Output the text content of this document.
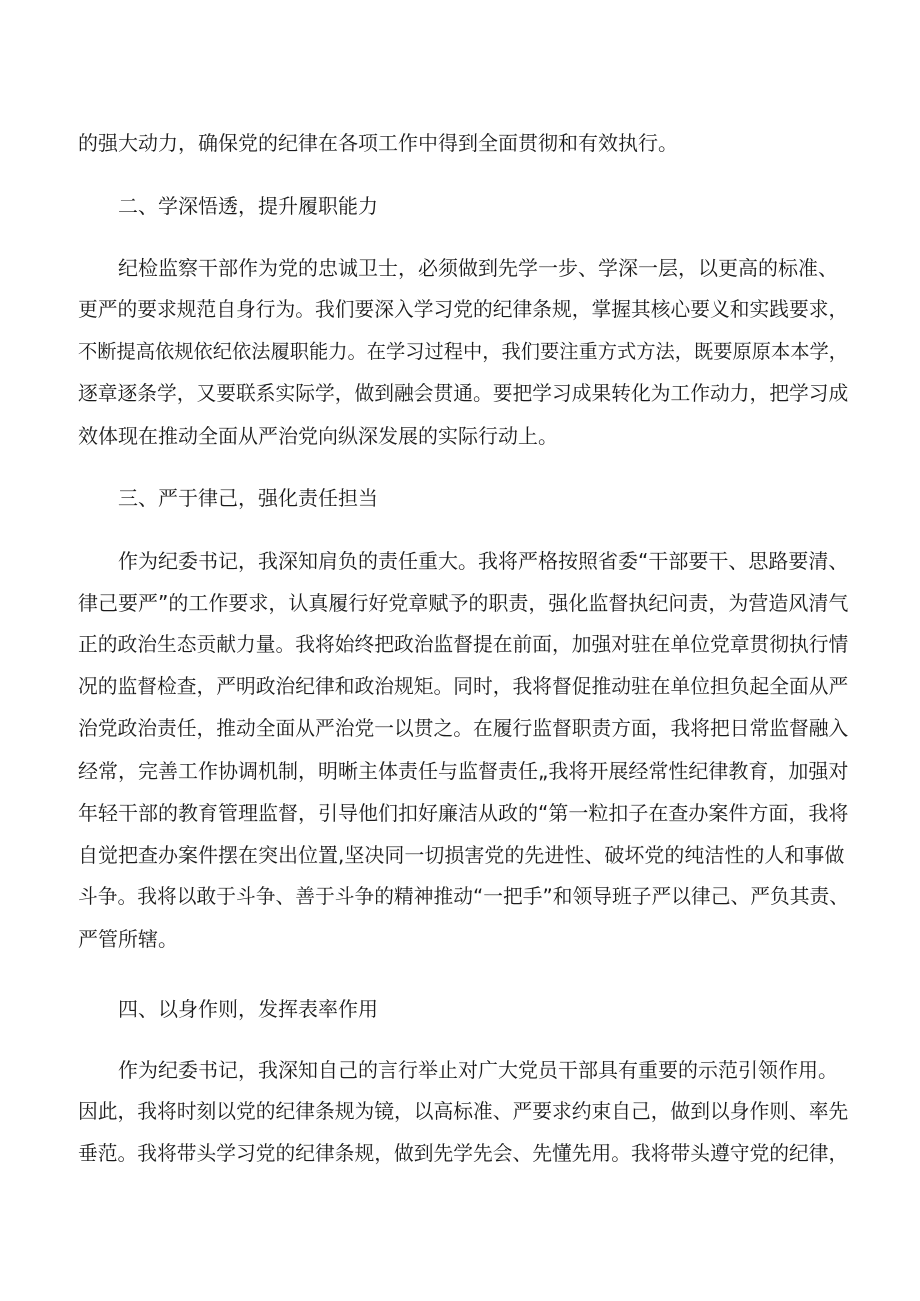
的强大动力，确保党的纪律在各项工作中得到全面贯彻和有效执行。
二、学深悟透，提升履职能力
纪检监察干部作为党的忠诚卫士，必须做到先学一步、学深一层，以更高的标准、
更严的要求规范自身行为。我们要深入学习党的纪律条规，掌握其核心要义和实践要求，
不断提高依规依纪依法履职能力。在学习过程中，我们要注重方式方法，既要原原本本学，
逐章逐条学，又要联系实际学，做到融会贯通。要把学习成果转化为工作动力，把学习成
效体现在推动全面从严治党向纵深发展的实际行动上。
三、严于律己，强化责任担当
作为纪委书记，我深知肩负的责任重大。我将严格按照省委“干部要干、思路要清、
律己要严”的工作要求，认真履行好党章赋予的职责，强化监督执纪问责，为营造风清气
正的政治生态贡献力量。我将始终把政治监督提在前面，加强对驻在单位党章贯彻执行情
况的监督检查，严明政治纪律和政治规矩。同时，我将督促推动驻在单位担负起全面从严
治党政治责任，推动全面从严治党一以贯之。在履行监督职责方面，我将把日常监督融入
经常，完善工作协调机制，明晰主体责任与监督责任„我将开展经常性纪律教育，加强对
年轻干部的教育管理监督，引导他们扣好廉洁从政的“第一粒扣子在查办案件方面，我将
自觉把查办案件摆在突出位置,坚决同一切损害党的先进性、破坏党的纯洁性的人和事做
斗争。我将以敢于斗争、善于斗争的精神推动“一把手”和领导班子严以律己、严负其责、
严管所辖。
四、以身作则，发挥表率作用
作为纪委书记，我深知自己的言行举止对广大党员干部具有重要的示范引领作用。
因此，我将时刻以党的纪律条规为镜，以高标准、严要求约束自己，做到以身作则、率先
垂范。我将带头学习党的纪律条规，做到先学先会、先懂先用。我将带头遵守党的纪律，
